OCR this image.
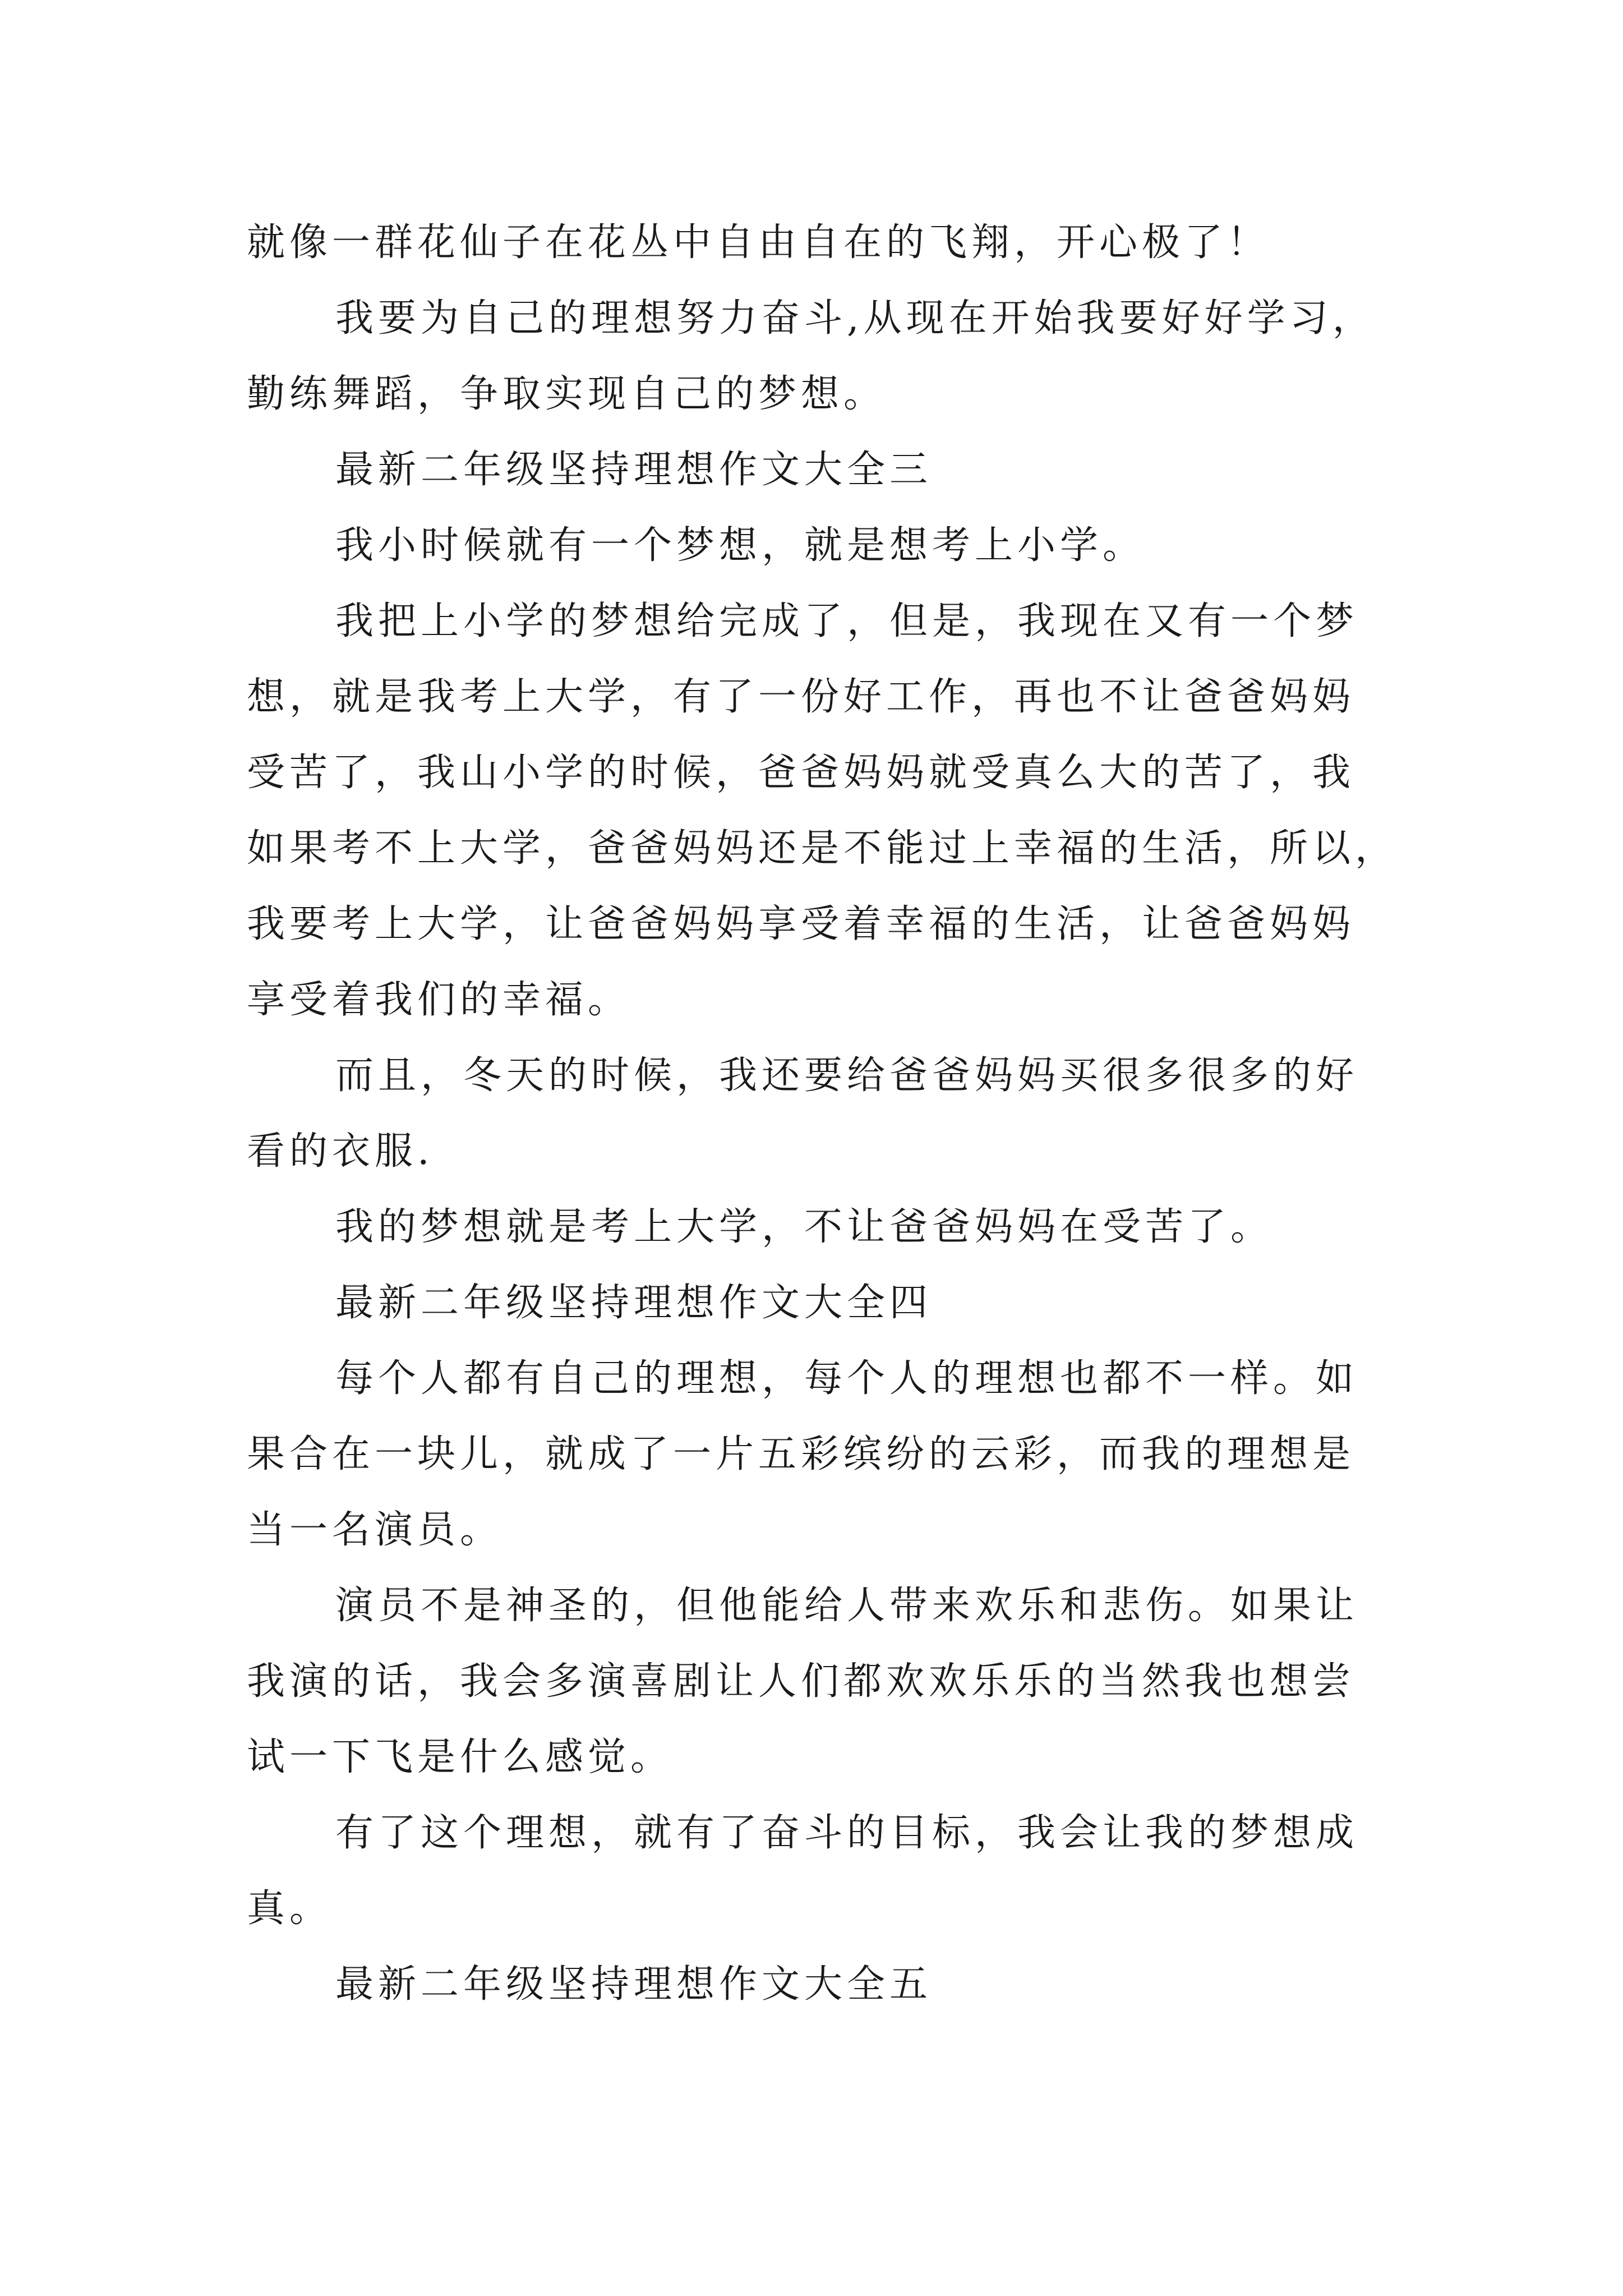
就像一群花仙子在花丛中自由自在的飞翔，开心极了！
我要为自己的理想努力奋斗,从现在开始我要好好学习，
勤练舞蹈，争取实现自己的梦想。
最新二年级坚持理想作文大全三
我小时候就有一个梦想，就是想考上小学。
我把上小学的梦想给完成了，但是，我现在又有一个梦
想，就是我考上大学，有了一份好工作，再也不让爸爸妈妈
受苦了，我山小学的时候，爸爸妈妈就受真么大的苦了，我
如果考不上大学，爸爸妈妈还是不能过上幸福的生活，所以，
我要考上大学，让爸爸妈妈享受着幸福的生活，让爸爸妈妈
享受着我们的幸福。
而且，冬天的时候，我还要给爸爸妈妈买很多很多的好
看的衣服.
我的梦想就是考上大学，不让爸爸妈妈在受苦了。
最新二年级坚持理想作文大全四
每个人都有自己的理想，每个人的理想也都不一样。如
果合在一块儿，就成了一片五彩缤纷的云彩，而我的理想是
当一名演员。
演员不是神圣的，但他能给人带来欢乐和悲伤。如果让
我演的话，我会多演喜剧让人们都欢欢乐乐的当然我也想尝
试一下飞是什么感觉。
有了这个理想，就有了奋斗的目标，我会让我的梦想成
真。
最新二年级坚持理想作文大全五
